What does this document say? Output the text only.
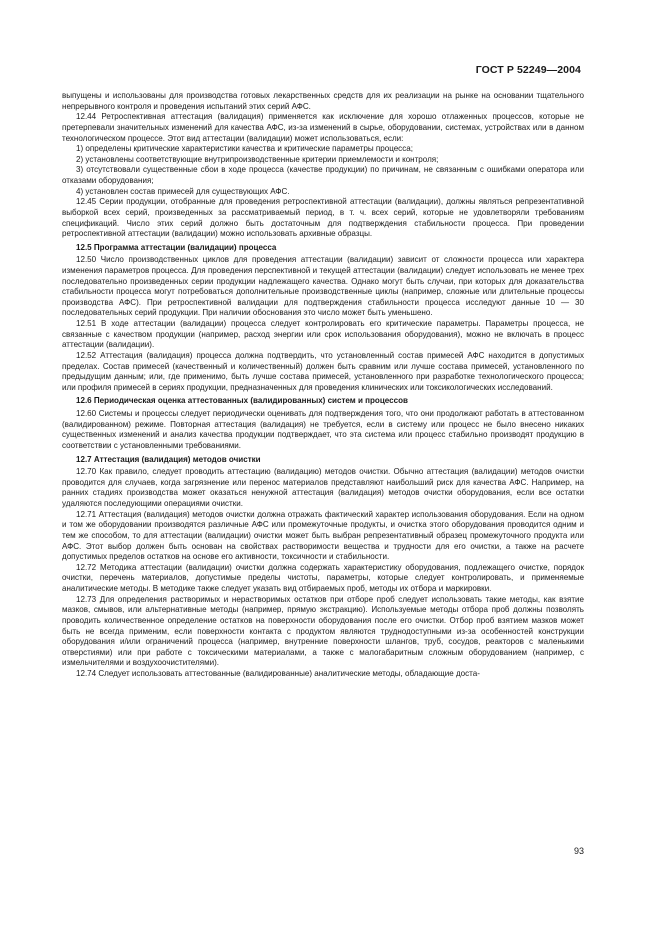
ГОСТ Р 52249—2004

выпущены и использованы для производства готовых лекарственных средств для их реализации на рынке на основании тщательного непрерывного контроля и проведения испытаний этих серий АФС.

12.44 Ретроспективная аттестация (валидация) применяется как исключение для хорошо отлаженных процессов, которые не претерпевали значительных изменений для качества АФС, из-за изменений в сырье, оборудовании, системах, устройствах или в данном технологическом процессе. Этот вид аттестации (валидации) может использоваться, если:

1) определены критические характеристики качества и критические параметры процесса;

2) установлены соответствующие внутрипроизводственные критерии приемлемости и контроля;

3) отсутствовали существенные сбои в ходе процесса (качестве продукции) по причинам, не связанным с ошибками оператора или отказами оборудования;

4) установлен состав примесей для существующих АФС.

12.45 Серии продукции, отобранные для проведения ретроспективной аттестации (валидации), должны являться репрезентативной выборкой всех серий, произведенных за рассматриваемый период, в т. ч. всех серий, которые не удовлетворяли требованиям спецификаций. Число этих серий должно быть достаточным для подтверждения стабильности процесса. При проведении ретроспективной аттестации (валидации) можно использовать архивные образцы.

12.5 Программа аттестации (валидации) процесса

12.50 Число производственных циклов для проведения аттестации (валидации) зависит от сложности процесса или характера изменения параметров процесса. Для проведения перспективной и текущей аттестации (валидации) следует использовать не менее трех последовательно произведенных серии продукции надлежащего качества. Однако могут быть случаи, при которых для доказательства стабильности процесса могут потребоваться дополнительные производственные циклы (например, сложные или длительные процессы производства АФС). При ретроспективной валидации для подтверждения стабильности процесса исследуют данные 10 — 30 последовательных серий продукции. При наличии обоснования это число может быть уменьшено.

12.51 В ходе аттестации (валидации) процесса следует контролировать его критические параметры. Параметры процесса, не связанные с качеством продукции (например, расход энергии или срок использования оборудования), можно не включать в процесс аттестации (валидации).

12.52 Аттестация (валидация) процесса должна подтвердить, что установленный состав примесей АФС находится в допустимых пределах. Состав примесей (качественный и количественный) должен быть сравним или лучше состава примесей, установленного по предыдущим данным; или, где применимо, быть лучше состава примесей, установленного при разработке технологического процесса; или профиля примесей в сериях продукции, предназначенных для проведения клинических или токсикологических исследований.

12.6 Периодическая оценка аттестованных (валидированных) систем и процессов

12.60 Системы и процессы следует периодически оценивать для подтверждения того, что они продолжают работать в аттестованном (валидированном) режиме. Повторная аттестация (валидация) не требуется, если в систему или процесс не было внесено никаких существенных изменений и анализ качества продукции подтверждает, что эта система или процесс стабильно производят продукцию в соответствии с установленными требованиями.

12.7 Аттестация (валидация) методов очистки

12.70 Как правило, следует проводить аттестацию (валидацию) методов очистки. Обычно аттестация (валидации) методов очистки проводится для случаев, когда загрязнение или перенос материалов представляют наибольший риск для качества АФС. Например, на ранних стадиях производства может оказаться ненужной аттестация (валидация) методов очистки оборудования, если все остатки удаляются последующими операциями очистки.

12.71 Аттестация (валидация) методов очистки должна отражать фактический характер использования оборудования. Если на одном и том же оборудовании производятся различные АФС или промежуточные продукты, и очистка этого оборудования проводится одним и тем же способом, то для аттестации (валидации) очистки может быть выбран репрезентативный образец промежуточного продукта или АФС. Этот выбор должен быть основан на свойствах растворимости вещества и трудности для его очистки, а также на расчете допустимых пределов остатков на основе его активности, токсичности и стабильности.

12.72 Методика аттестации (валидации) очистки должна содержать характеристику оборудования, подлежащего очистке, порядок очистки, перечень материалов, допустимые пределы чистоты, параметры, которые следует контролировать, и применяемые аналитические методы. В методике также следует указать вид отбираемых проб, методы их отбора и маркировки.

12.73 Для определения растворимых и нерастворимых остатков при отборе проб следует использовать такие методы, как взятие мазков, смывов, или альтернативные методы (например, прямую экстракцию). Используемые методы отбора проб должны позволять проводить количественное определение остатков на поверхности оборудования после его очистки. Отбор проб взятием мазков может быть не всегда применим, если поверхности контакта с продуктом являются труднодоступными из-за особенностей конструкции оборудования и/или ограничений процесса (например, внутренние поверхности шлангов, труб, сосудов, реакторов с маленькими отверстиями) или при работе с токсическими материалами, а также с малогабаритным сложным оборудованием (например, с измельчителями и воздухоочистителями).

12.74 Следует использовать аттестованные (валидированные) аналитические методы, обладающие доста-

93
